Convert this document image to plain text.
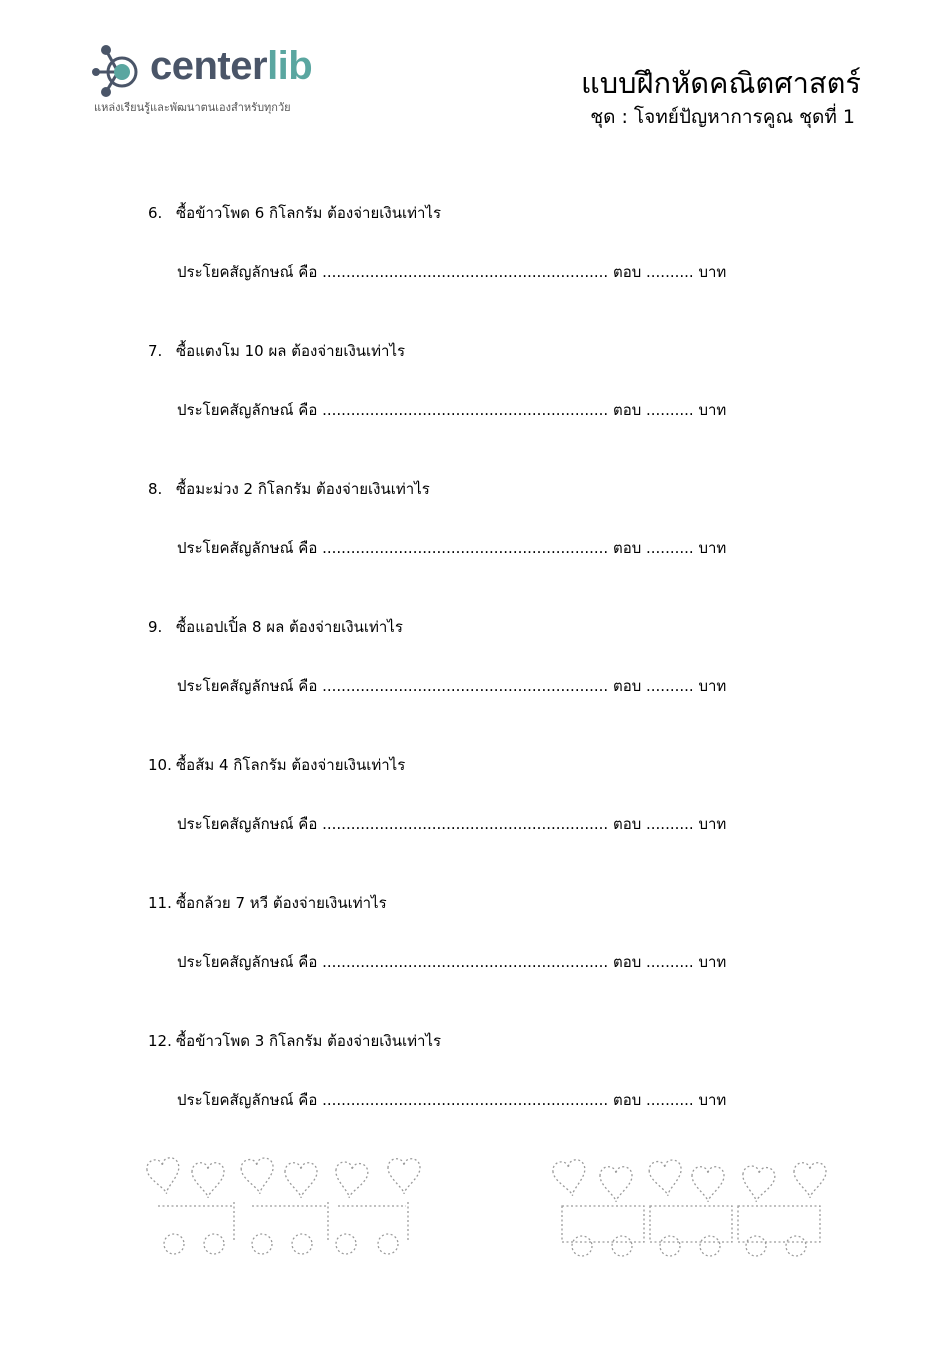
centerlib
แหล่งเรียนรู้และพัฒนาตนเองสำหรับทุกวัย
แบบฝึกหัดคณิตศาสตร์
ชุด : โจทย์ปัญหาการคูณ ชุดที่ 1
6. ซื้อข้าวโพด 6 กิโลกรัม ต้องจ่ายเงินเท่าไร
ประโยคสัญลักษณ์ คือ ............................................................ ตอบ .......... บาท
7. ซื้อแตงโม 10 ผล ต้องจ่ายเงินเท่าไร
ประโยคสัญลักษณ์ คือ ............................................................ ตอบ .......... บาท
8. ซื้อมะม่วง 2 กิโลกรัม ต้องจ่ายเงินเท่าไร
ประโยคสัญลักษณ์ คือ ............................................................ ตอบ .......... บาท
9. ซื้อแอปเปิ้ล 8 ผล ต้องจ่ายเงินเท่าไร
ประโยคสัญลักษณ์ คือ ............................................................ ตอบ .......... บาท
10. ซื้อส้ม 4 กิโลกรัม ต้องจ่ายเงินเท่าไร
ประโยคสัญลักษณ์ คือ ............................................................ ตอบ .......... บาท
11. ซื้อกล้วย 7 หวี ต้องจ่ายเงินเท่าไร
ประโยคสัญลักษณ์ คือ ............................................................ ตอบ .......... บาท
12. ซื้อข้าวโพด 3 กิโลกรัม ต้องจ่ายเงินเท่าไร
ประโยคสัญลักษณ์ คือ ............................................................ ตอบ .......... บาท
